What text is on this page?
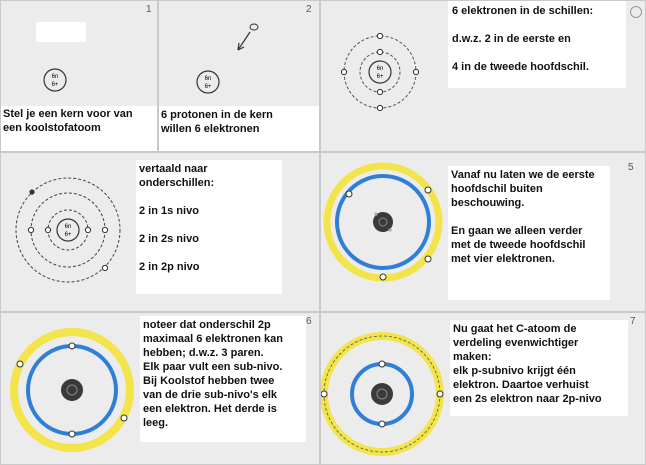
1
6n
6+
Stel je een kern voor van
een koolstofatoom
2
6n
6+
6 protonen in de kern
willen 6 elektronen
6n
6+
6 elektronen in de schillen:

d.w.z. 2 in de eerste en

4 in de tweede hoofdschil.
6n
6+
vertaald naar
onderschillen:

2 in 1s nivo

2 in 2s nivo

2 in 2p nivo
5
Vanaf nu laten we de eerste
hoofdschil buiten
beschouwing.

En gaan we alleen verder
met de tweede hoofdschil
met vier elektronen.
6
noteer dat onderschil 2p
maximaal 6 elektronen kan
hebben; d.w.z. 3 paren.
Elk paar vult een sub-nivo.
Bij Koolstof hebben twee
van de drie sub-nivo's elk
een elektron. Het derde is
leeg.
7
Nu gaat het C-atoom de
verdeling evenwichtiger
maken:
elk p-subnivo krijgt één
elektron. Daartoe verhuist
een 2s elektron naar 2p-nivo
